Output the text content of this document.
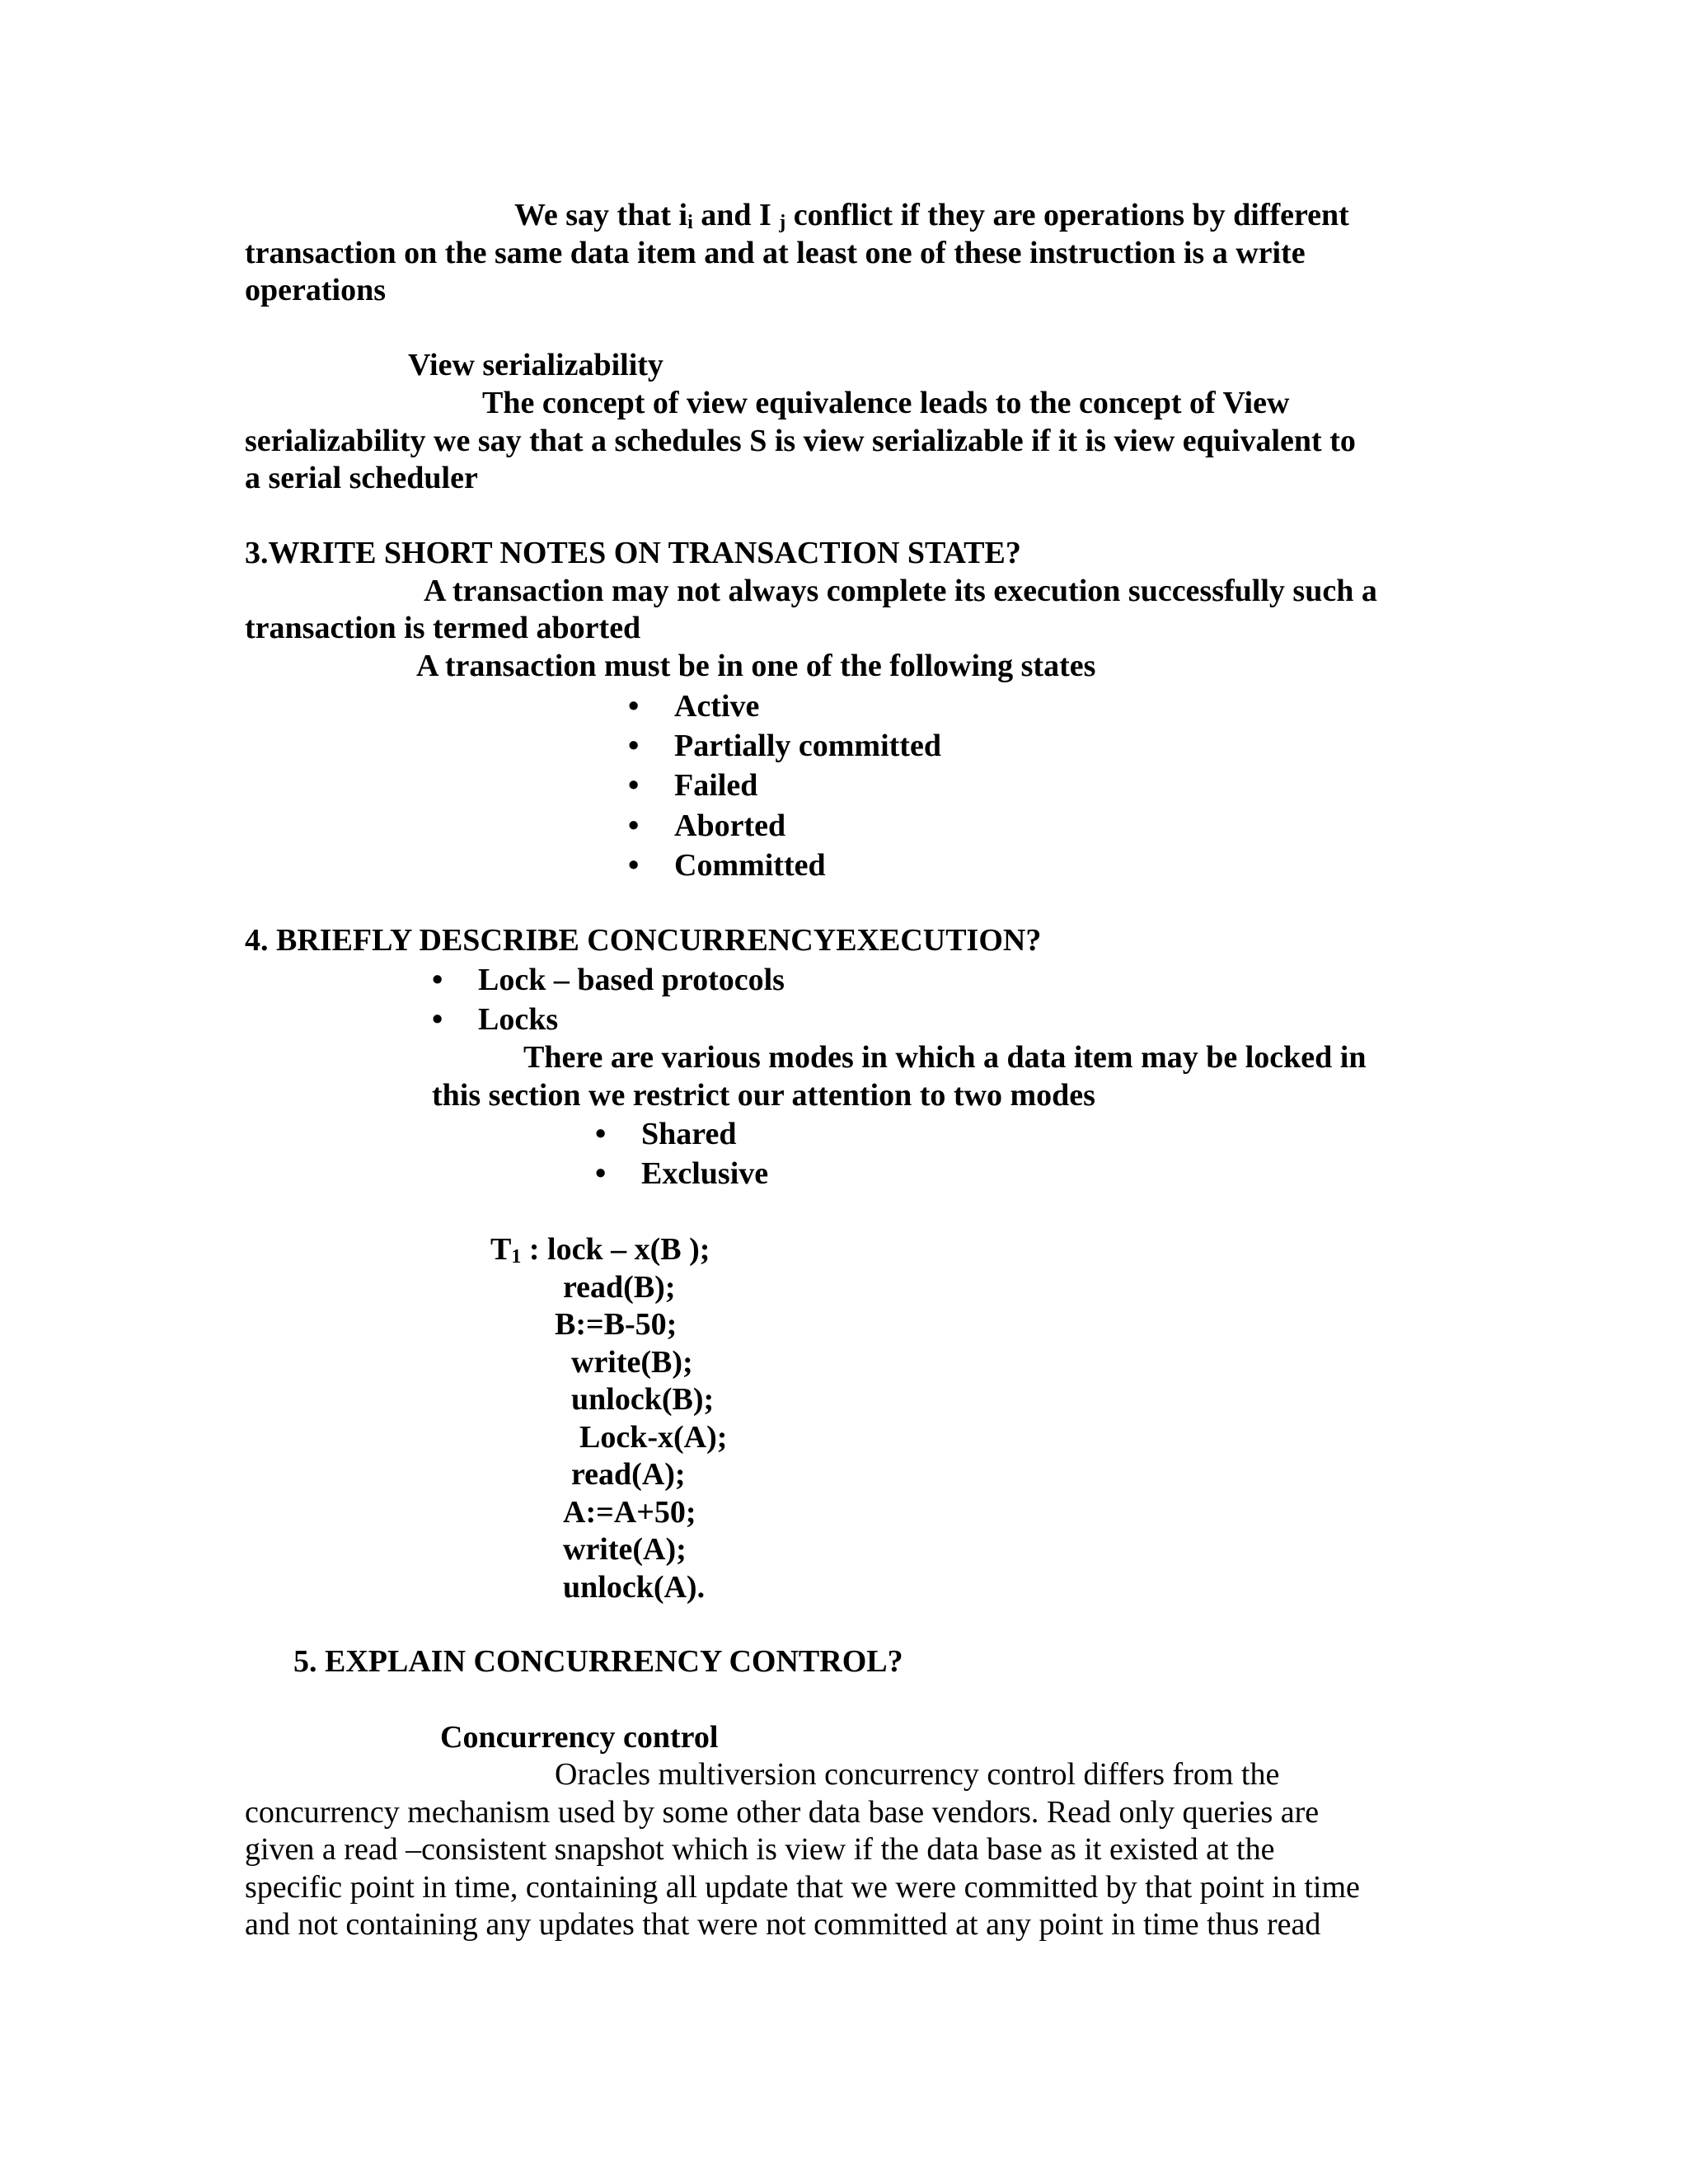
We say that $i_i$ and I $_j$ conflict if they are operations by different
transaction on the same data item and at least one of these instruction is a write
operations
View serializability
The concept of view equivalence leads to the concept of View
serializability we say that a schedules S is view serializable if it is view equivalent to
a serial scheduler
3.WRITE SHORT NOTES ON TRANSACTION STATE?
A transaction may not always complete its execution successfully such a
transaction is termed aborted
A transaction must be in one of the following states
• Active
• Partially committed
• Failed
• Aborted
• Committed
4. BRIEFLY DESCRIBE CONCURRENCYEXECUTION?
• Lock – based protocols
• Locks
There are various modes in which a data item may be locked in
this section we restrict our attention to two modes
• Shared
• Exclusive
$T_1$ : lock – x(B );
read(B);
B:=B-50;
write(B);
unlock(B);
Lock-x(A);
read(A);
A:=A+50;
write(A);
unlock(A).
5. EXPLAIN CONCURRENCY CONTROL?
Concurrency control
Oracles multiversion concurrency control differs from the
concurrency mechanism used by some other data base vendors. Read only queries are
given a read –consistent snapshot which is view if the data base as it existed at the
specific point in time, containing all update that we were committed by that point in time
and not containing any updates that were not committed at any point in time thus read
